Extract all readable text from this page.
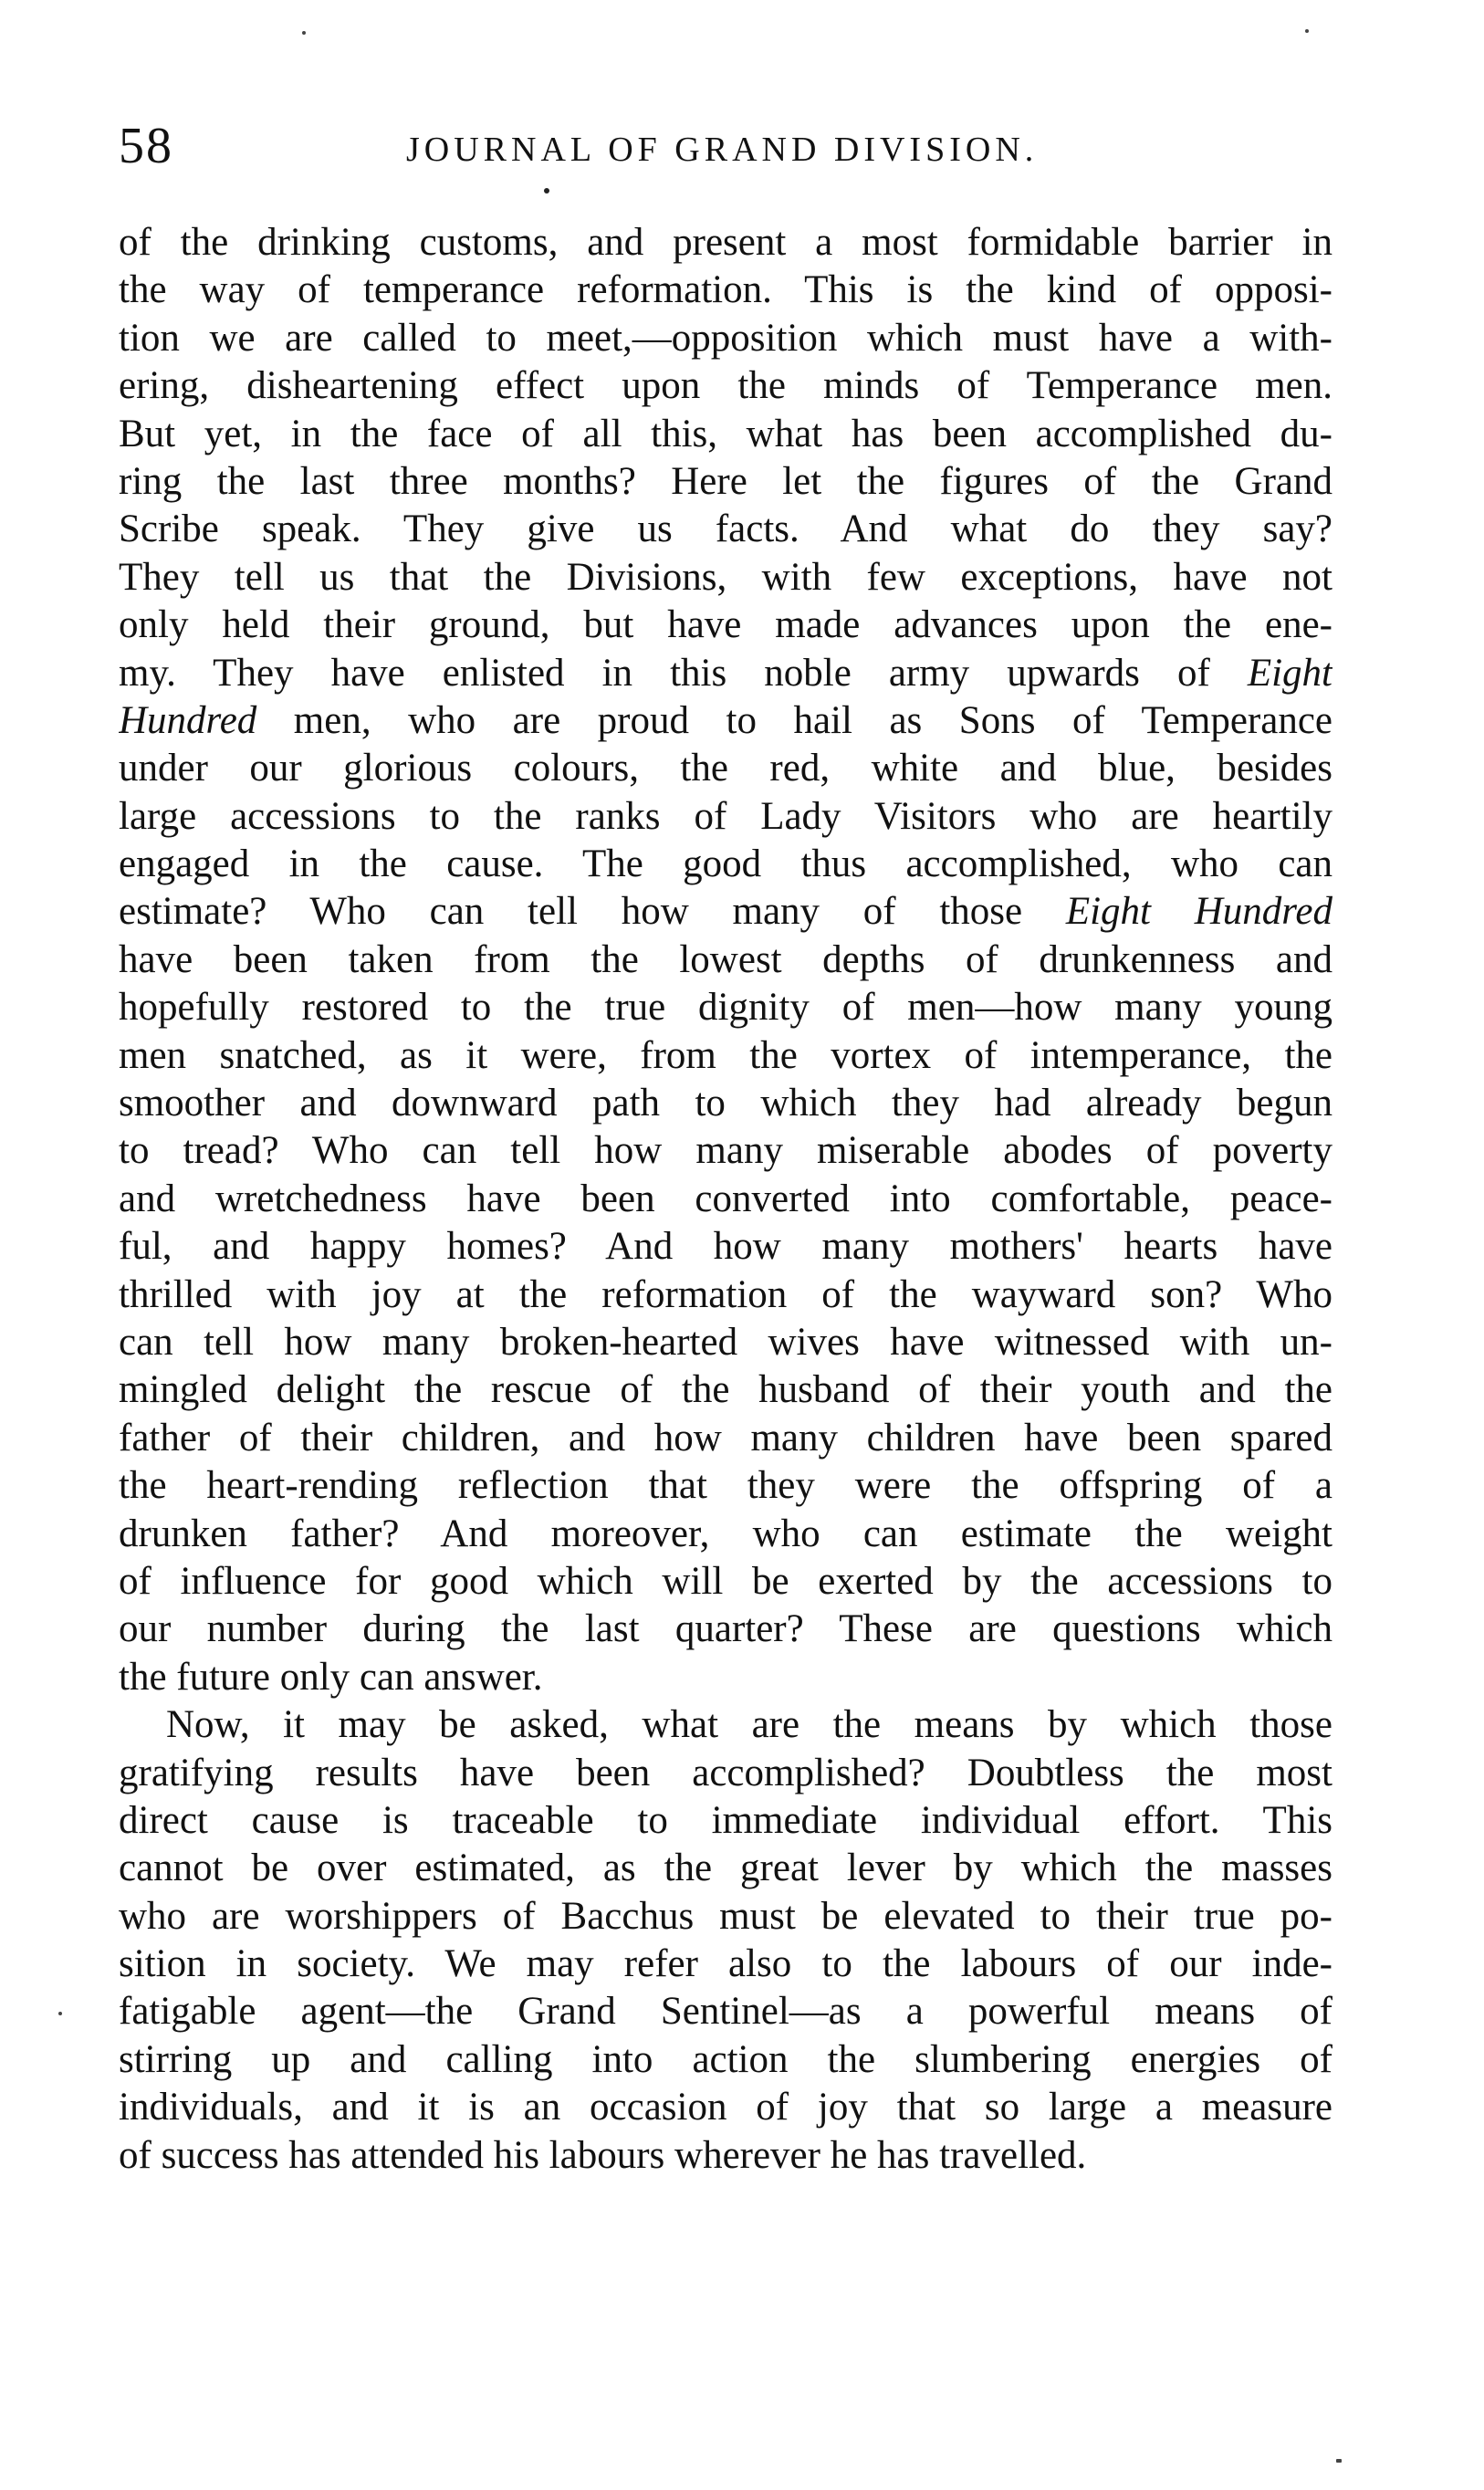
58	JOURNAL OF GRAND DIVISION.
of the drinking customs, and present a most formidable barrier in
the way of temperance reformation. This is the kind of opposi-
tion we are called to meet,—opposition which must have a with-
ering, disheartening effect upon the minds of Temperance men.
But yet, in the face of all this, what has been accomplished du-
ring the last three months? Here let the figures of the Grand
Scribe speak. They give us facts. And what do they say?
They tell us that the Divisions, with few exceptions, have not
only held their ground, but have made advances upon the ene-
my. They have enlisted in this noble army upwards of Eight
Hundred men, who are proud to hail as Sons of Temperance
under our glorious colours, the red, white and blue, besides
large accessions to the ranks of Lady Visitors who are heartily
engaged in the cause. The good thus accomplished, who can
estimate? Who can tell how many of those Eight Hundred
have been taken from the lowest depths of drunkenness and
hopefully restored to the true dignity of men—how many young
men snatched, as it were, from the vortex of intemperance, the
smoother and downward path to which they had already begun
to tread? Who can tell how many miserable abodes of poverty
and wretchedness have been converted into comfortable, peace-
ful, and happy homes? And how many mothers' hearts have
thrilled with joy at the reformation of the wayward son? Who
can tell how many broken-hearted wives have witnessed with un-
mingled delight the rescue of the husband of their youth and the
father of their children, and how many children have been spared
the heart-rending reflection that they were the offspring of a
drunken father? And moreover, who can estimate the weight
of influence for good which will be exerted by the accessions to
our number during the last quarter? These are questions which
the future only can answer.
Now, it may be asked, what are the means by which those
gratifying results have been accomplished? Doubtless the most
direct cause is traceable to immediate individual effort. This
cannot be over estimated, as the great lever by which the masses
who are worshippers of Bacchus must be elevated to their true po-
sition in society. We may refer also to the labours of our inde-
fatigable agent—the Grand Sentinel—as a powerful means of
stirring up and calling into action the slumbering energies of
individuals, and it is an occasion of joy that so large a measure
of success has attended his labours wherever he has travelled.
